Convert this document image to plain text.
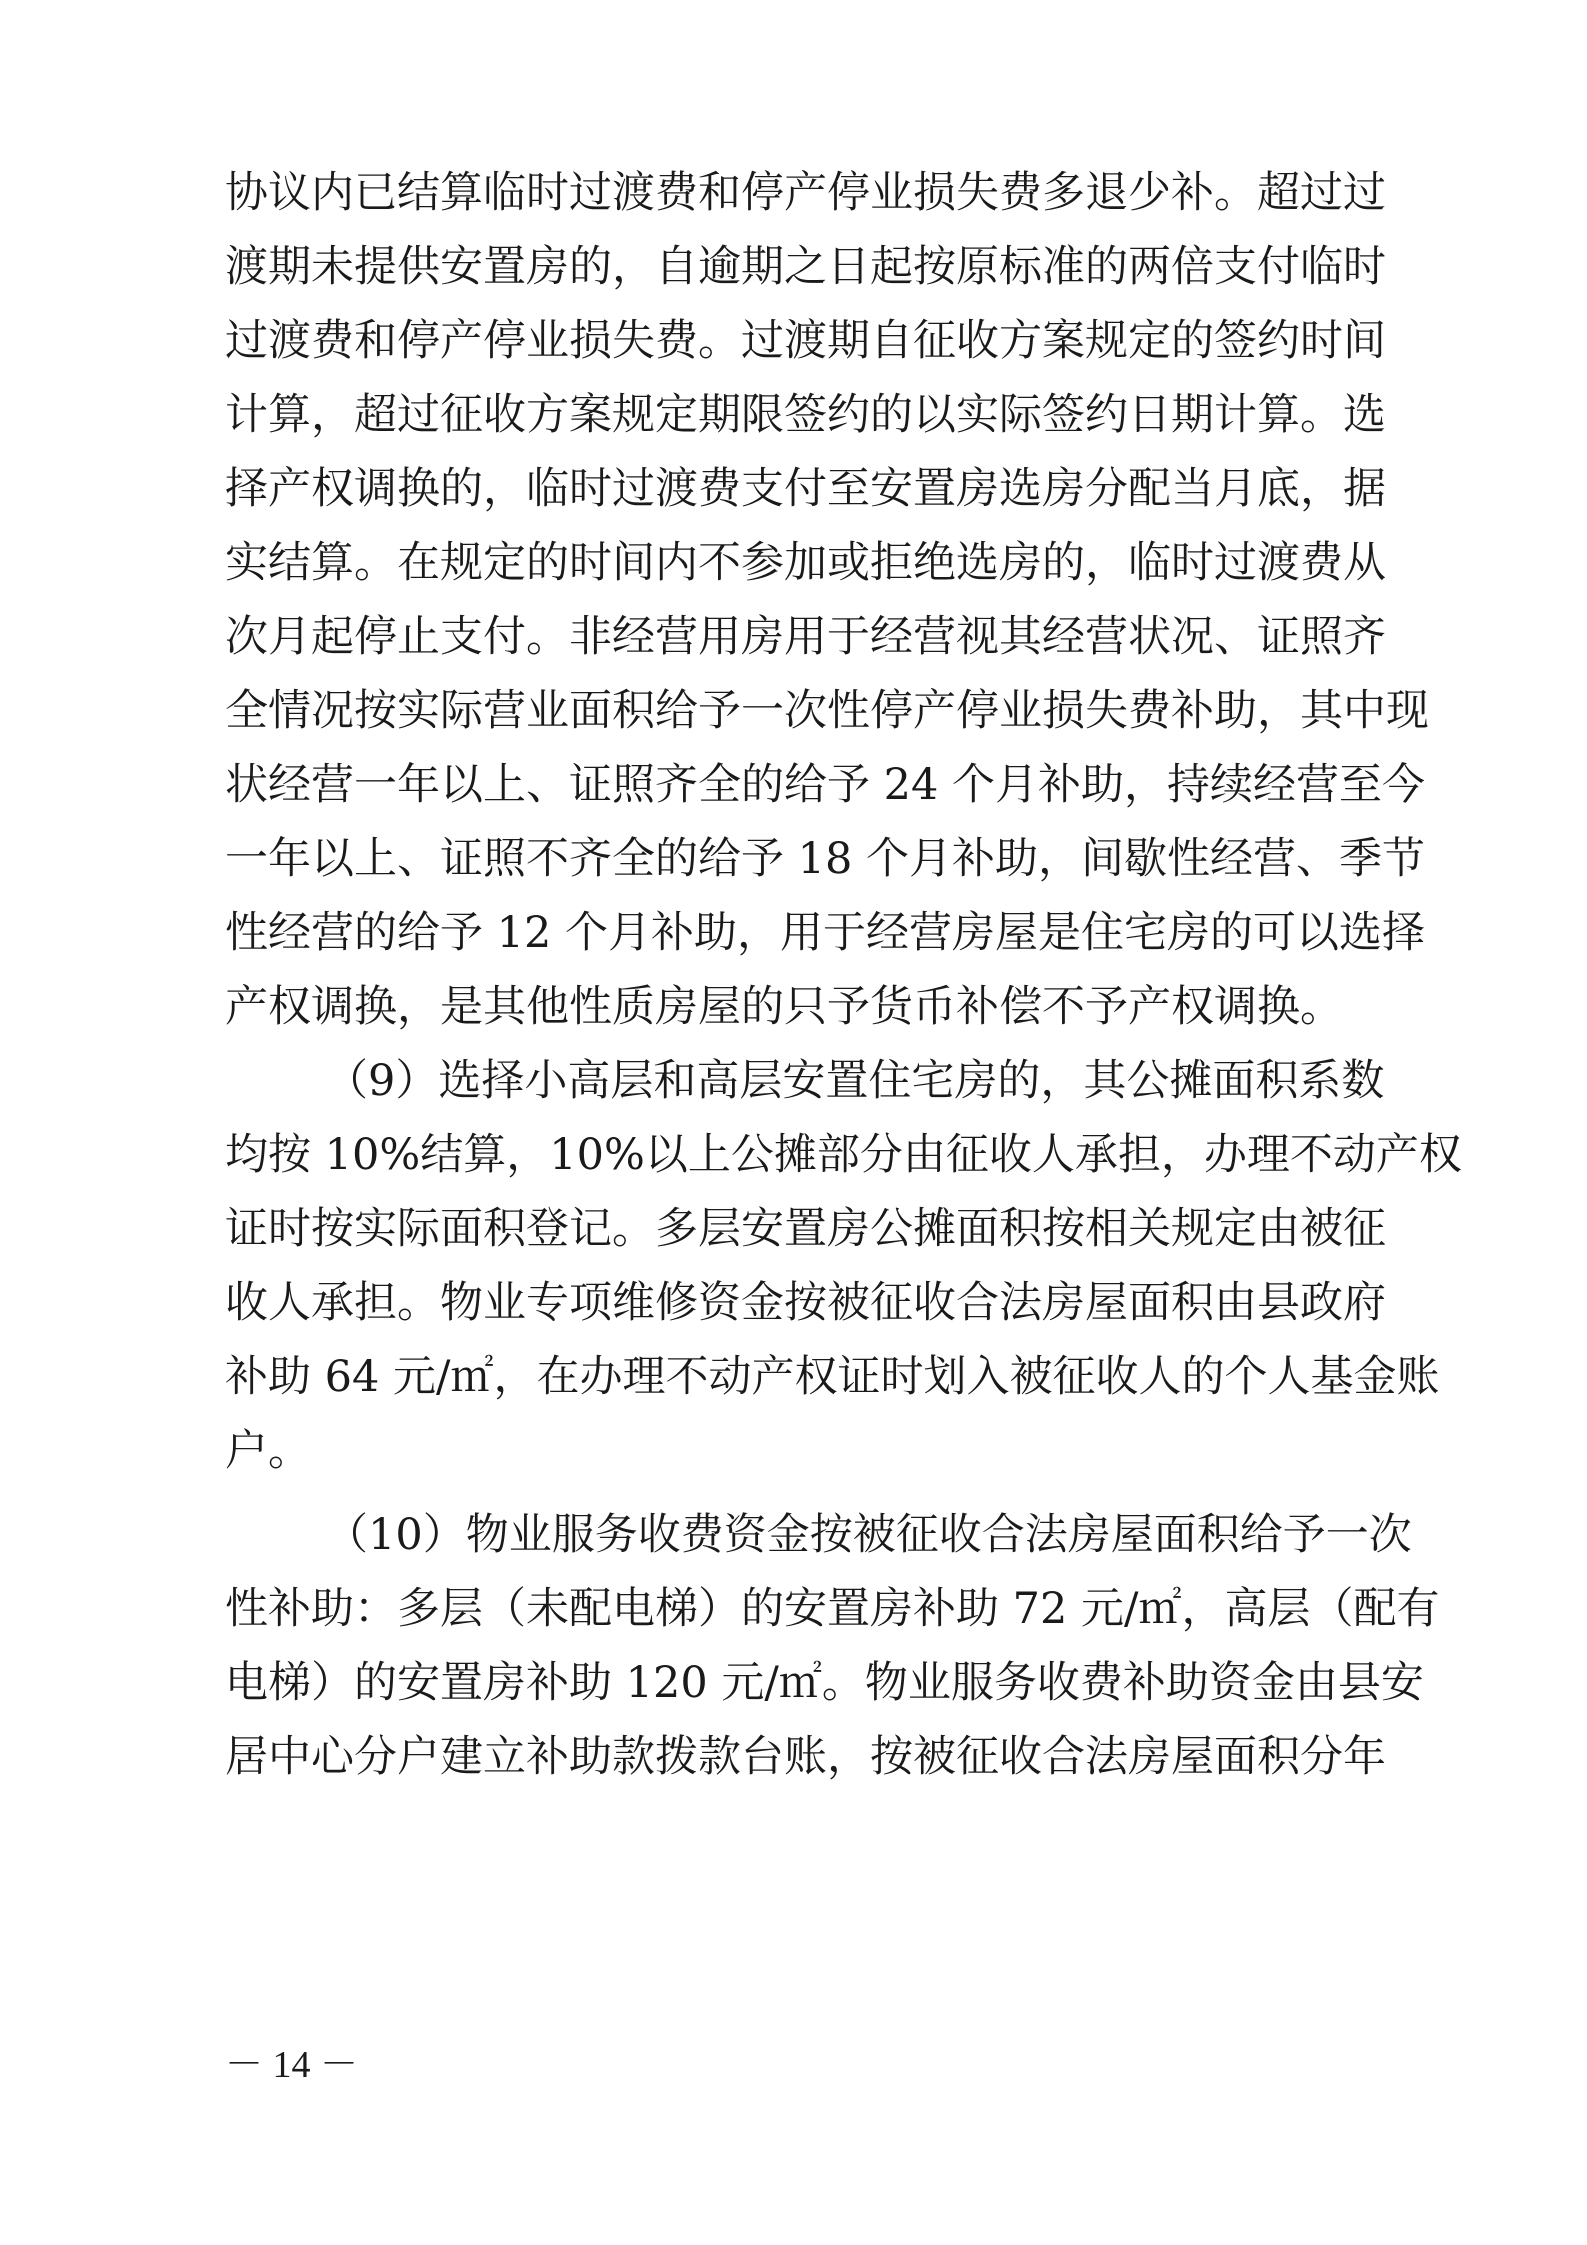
协议内已结算临时过渡费和停产停业损失费多退少补。超过过
渡期未提供安置房的，自逾期之日起按原标准的两倍支付临时
过渡费和停产停业损失费。过渡期自征收方案规定的签约时间
计算，超过征收方案规定期限签约的以实际签约日期计算。选
择产权调换的，临时过渡费支付至安置房选房分配当月底，据
实结算。在规定的时间内不参加或拒绝选房的，临时过渡费从
次月起停止支付。非经营用房用于经营视其经营状况、证照齐
全情况按实际营业面积给予一次性停产停业损失费补助，其中现
状经营一年以上、证照齐全的给予 24 个月补助，持续经营至今
一年以上、证照不齐全的给予 18 个月补助，间歇性经营、季节
性经营的给予 12 个月补助，用于经营房屋是住宅房的可以选择
产权调换，是其他性质房屋的只予货币补偿不予产权调换。
（9）选择小高层和高层安置住宅房的，其公摊面积系数
均按 10%结算，10%以上公摊部分由征收人承担，办理不动产权
证时按实际面积登记。多层安置房公摊面积按相关规定由被征
收人承担。物业专项维修资金按被征收合法房屋面积由县政府
补助 64 元/㎡，在办理不动产权证时划入被征收人的个人基金账
户。
（10）物业服务收费资金按被征收合法房屋面积给予一次
性补助：多层（未配电梯）的安置房补助 72 元/㎡，高层（配有
电梯）的安置房补助 120 元/㎡。物业服务收费补助资金由县安
居中心分户建立补助款拨款台账，按被征收合法房屋面积分年
－ 14 －
